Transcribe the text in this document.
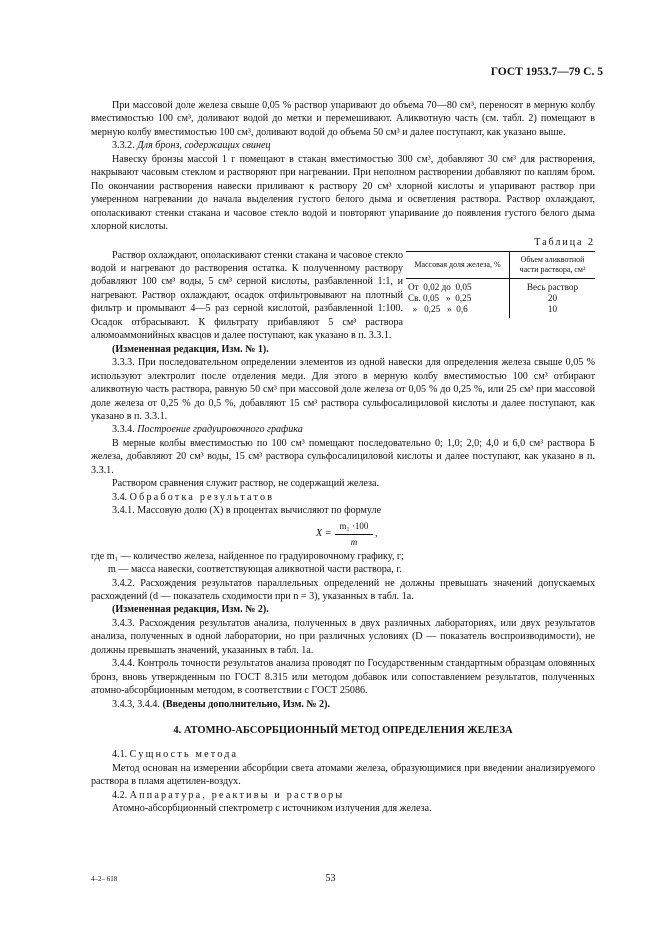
ГОСТ 1953.7—79 С. 5

При массовой доле железа свыше 0,05 % раствор упаривают до объема 70—80 см³, переносят в мерную колбу вместимостью 100 см³, доливают водой до метки и перемешивают. Аликвотную часть (см. табл. 2) помещают в мерную колбу вместимостью 100 см³, доливают водой до объема 50 см³ и далее поступают, как указано выше.

3.3.2. Для бронз, содержащих свинец

Навеску бронзы массой 1 г помещают в стакан вместимостью 300 см³, добавляют 30 см³ для растворения, накрывают часовым стеклом и растворяют при нагревании. При неполном растворении добавляют по каплям бром. По окончании растворения навески приливают к раствору 20 см³ хлорной кислоты и упаривают раствор при умеренном нагревании до начала выделения густого белого дыма и осветления раствора. Раствор охлаждают, ополаскивают стенки стакана и часовое стекло водой и повторяют упаривание до появления густого белого дыма хлорной кислоты.

Раствор охлаждают, ополаскивают стенки стакана и часовое стекло водой и нагревают до растворения остатка. К полученному раствору добавляют 100 см³ воды, 5 см³ серной кислоты, разбавленной 1:1, и нагревают. Раствор охлаждают, осадок отфильтровывают на плотный фильтр и промывают 4—5 раз серной кислотой, разбавленной 1:100. Осадок отбрасывают. К фильтрату прибавляют 5 см³ раствора алюмоаммонийных квасцов и далее поступают, как указано в п. 3.3.1.

Таблица 2

Массовая доля железа, %	Объем аликвотной части раствора, см³
От  0,02 до  0,05	Весь раствор
Св. 0,05   »  0,25	20
»   0,25   »  0,6	10

(Измененная редакция, Изм. № 1).

3.3.3. При последовательном определении элементов из одной навески для определения железа свыше 0,05 % используют электролит после отделения меди. Для этого в мерную колбу вместимостью 100 см³ отбирают аликвотную часть раствора, равную 50 см³ при массовой доле железа от 0,05 % до 0,25 %, или 25 см³ при массовой доле железа от 0,25 % до 0,5 %, добавляют 15 см³ раствора сульфосалициловой кислоты и далее поступают, как указано в п. 3.3.1.

3.3.4. Построение градуировочного графика

В мерные колбы вместимостью по 100 см³ помещают последовательно 0; 1,0; 2,0; 4,0 и 6,0 см³ раствора Б железа, добавляют 20 см³ воды, 15 см³ раствора сульфосалициловой кислоты и далее поступают, как указано в п. 3.3.1.

Раствором сравнения служит раствор, не содержащий железа.

3.4. Обработка результатов

3.4.1. Массовую долю (X) в процентах вычисляют по формуле

$X = \frac{\text{m₁ ·100}}{m}$ ,

где m₁ — количество железа, найденное по градуировочному графику, г;

m — масса навески, соответствующая аликвотной части раствора, г.

3.4.2. Расхождения результатов параллельных определений не должны превышать значений допускаемых расхождений (d — показатель сходимости при n = 3), указанных в табл. 1а.

(Измененная редакция, Изм. № 2).

3.4.3. Расхождения результатов анализа, полученных в двух различных лабораториях, или двух результатов анализа, полученных в одной лаборатории, но при различных условиях (D — показатель воспроизводимости), не должны превышать значений, указанных в табл. 1а.

3.4.4. Контроль точности результатов анализа проводят по Государственным стандартным образцам оловянных бронз, вновь утвержденным по ГОСТ 8.315 или методом добавок или сопоставлением результатов, полученных атомно-абсорбционным методом, в соответствии с ГОСТ 25086.

3.4.3, 3.4.4. (Введены дополнительно, Изм. № 2).

4. АТОМНО-АБСОРБЦИОННЫЙ МЕТОД ОПРЕДЕЛЕНИЯ ЖЕЛЕЗА

4.1. Сущность метода

Метод основан на измерении абсорбции света атомами железа, образующимися при введении анализируемого раствора в пламя ацетилен-воздух.

4.2. Аппаратура, реактивы и растворы

Атомно-абсорбционный спектрометр с источником излучения для железа.

4–2– 618	53
